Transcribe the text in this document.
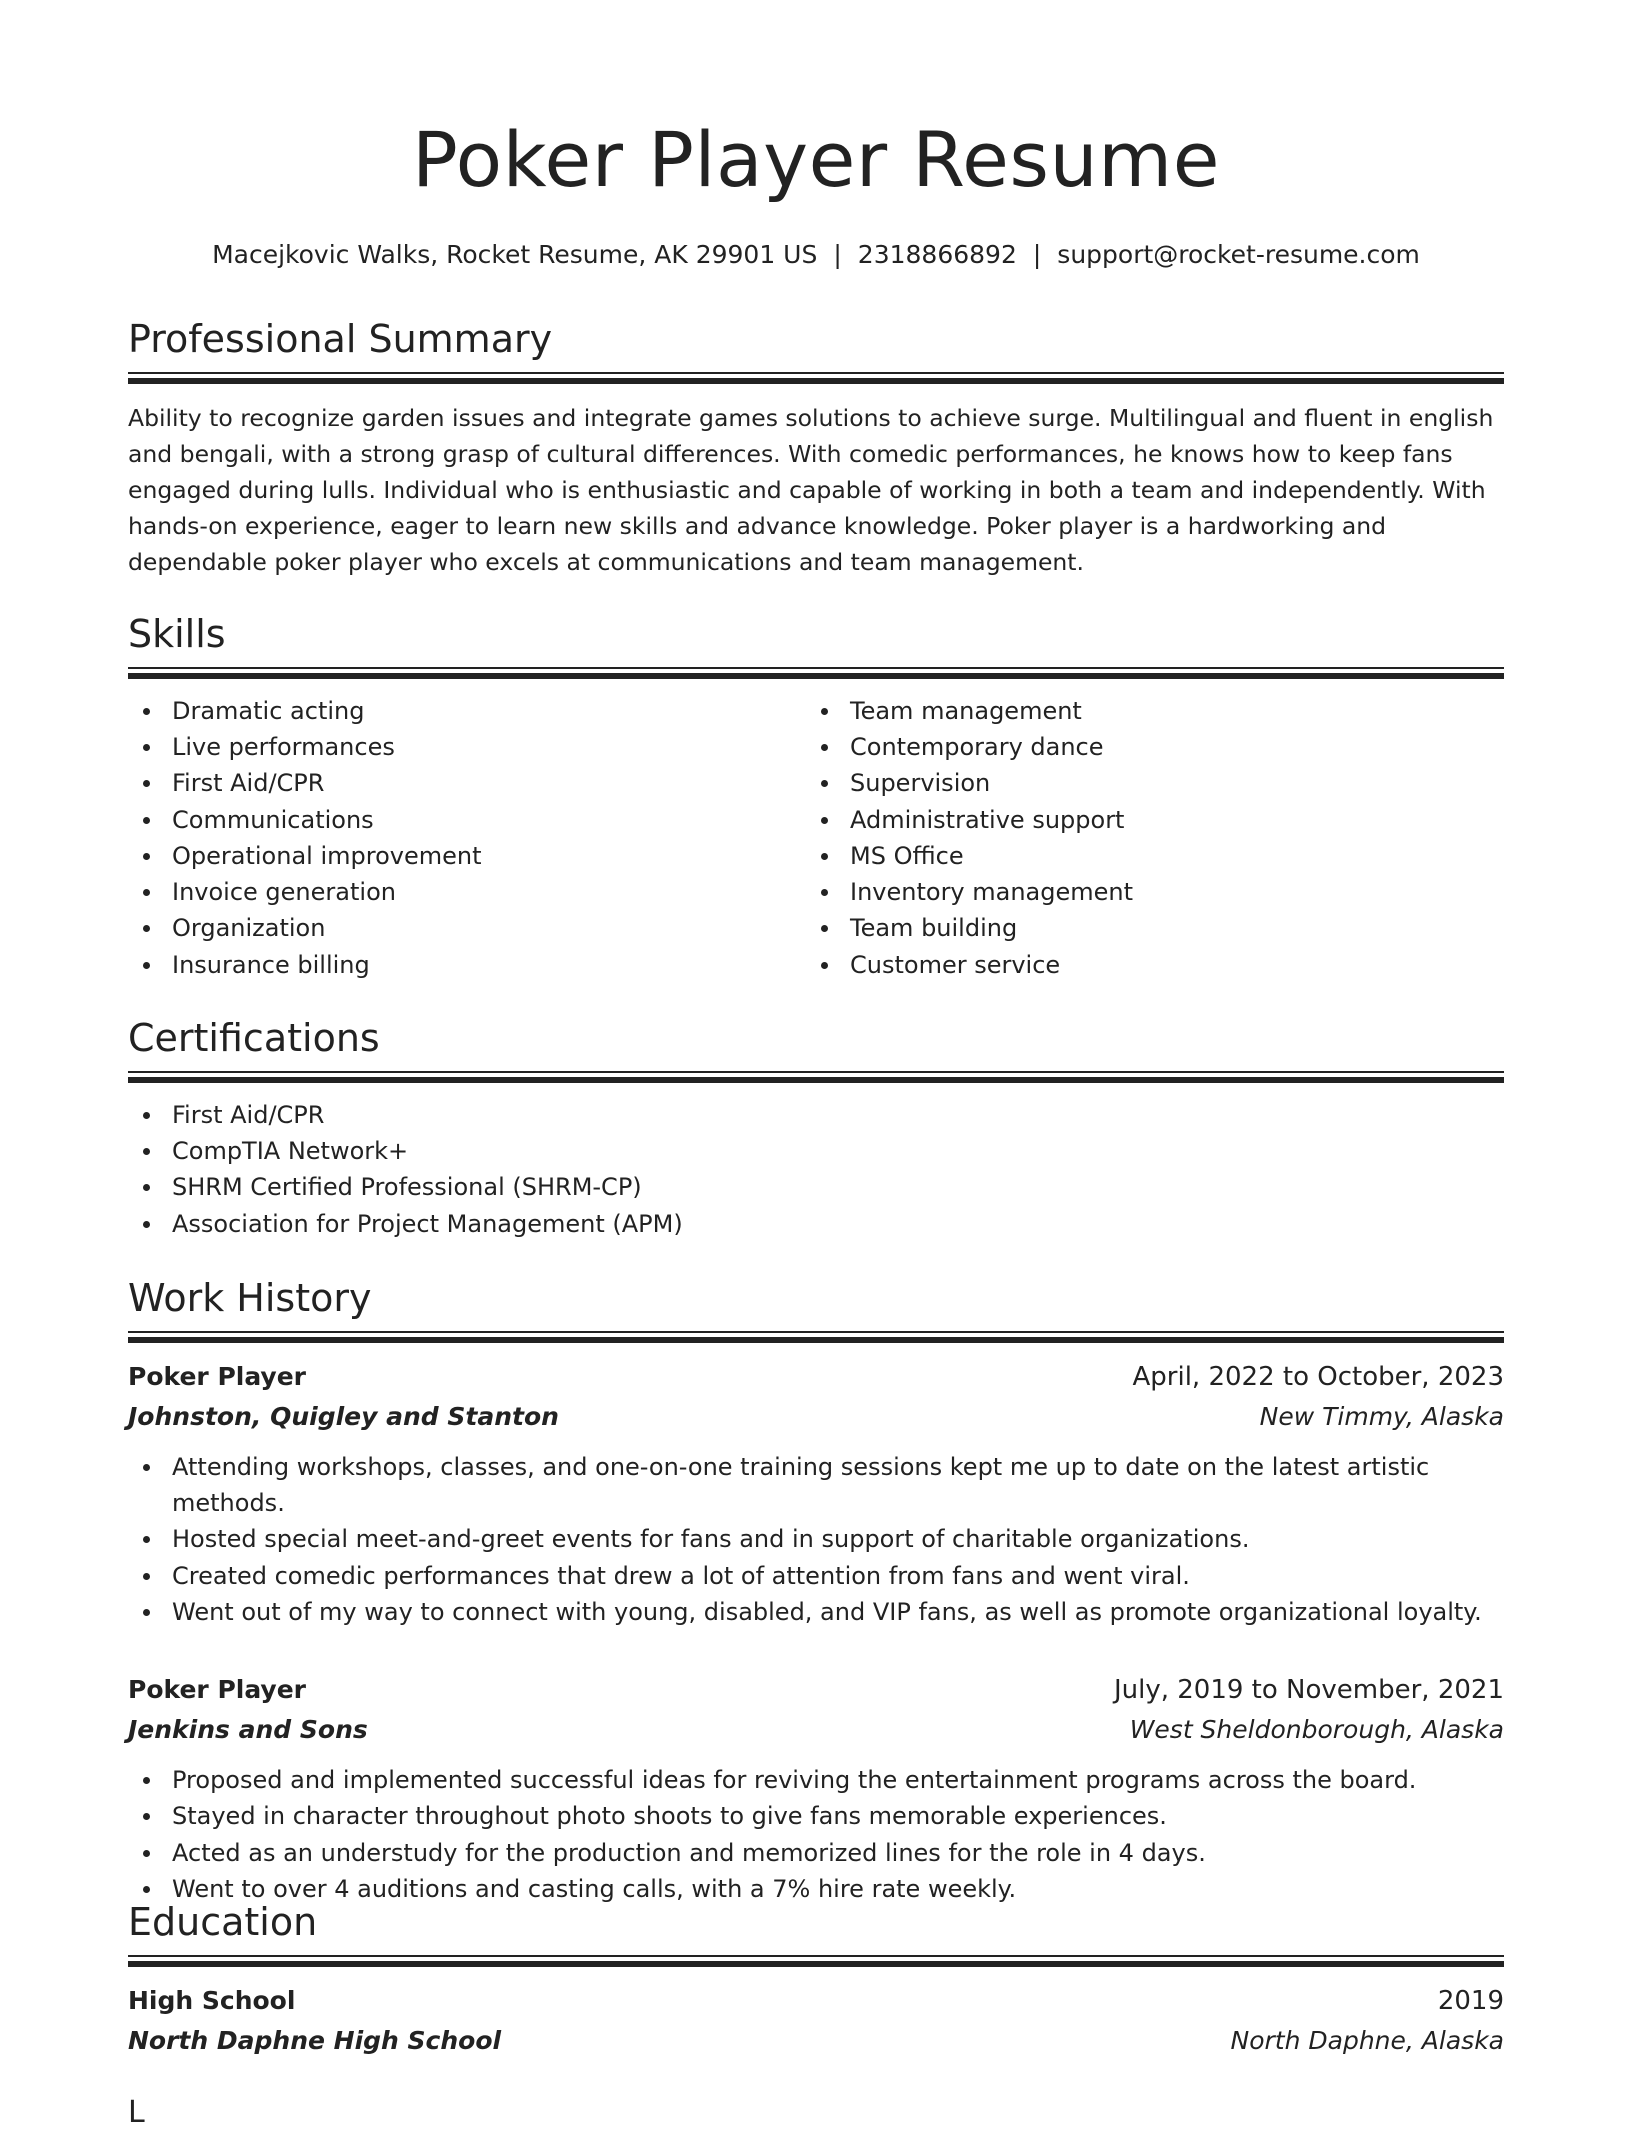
Poker Player Resume
Macejkovic Walks, Rocket Resume, AK 29901 US | 2318866892 | support@rocket-resume.com
Professional Summary

Ability to recognize garden issues and integrate games solutions to achieve surge. Multilingual and fluent in english and bengali, with a strong grasp of cultural differences. With comedic performances, he knows how to keep fans engaged during lulls. Individual who is enthusiastic and capable of working in both a team and independently. With hands-on experience, eager to learn new skills and advance knowledge. Poker player is a hardworking and dependable poker player who excels at communications and team management.

Skills
Dramatic acting
Live performances
First Aid/CPR
Communications
Operational improvement
Invoice generation
Organization
Insurance billing
Team management
Contemporary dance
Supervision
Administrative support
MS Office
Inventory management
Team building
Customer service
Certifications
First Aid/CPR
CompTIA Network+
SHRM Certified Professional (SHRM-CP)
Association for Project Management (APM)
Work History
Poker Player	April, 2022 to October, 2023
Johnston, Quigley and Stanton	New Timmy, Alaska
Attending workshops, classes, and one-on-one training sessions kept me up to date on the latest artistic methods.
Hosted special meet-and-greet events for fans and in support of charitable organizations.
Created comedic performances that drew a lot of attention from fans and went viral.
Went out of my way to connect with young, disabled, and VIP fans, as well as promote organizational loyalty.
Poker Player	July, 2019 to November, 2021
Jenkins and Sons	West Sheldonborough, Alaska
Proposed and implemented successful ideas for reviving the entertainment programs across the board.
Stayed in character throughout photo shoots to give fans memorable experiences.
Acted as an understudy for the production and memorized lines for the role in 4 days.
Went to over 4 auditions and casting calls, with a 7% hire rate weekly.
Education
High School	2019
North Daphne High School	North Daphne, Alaska
L
